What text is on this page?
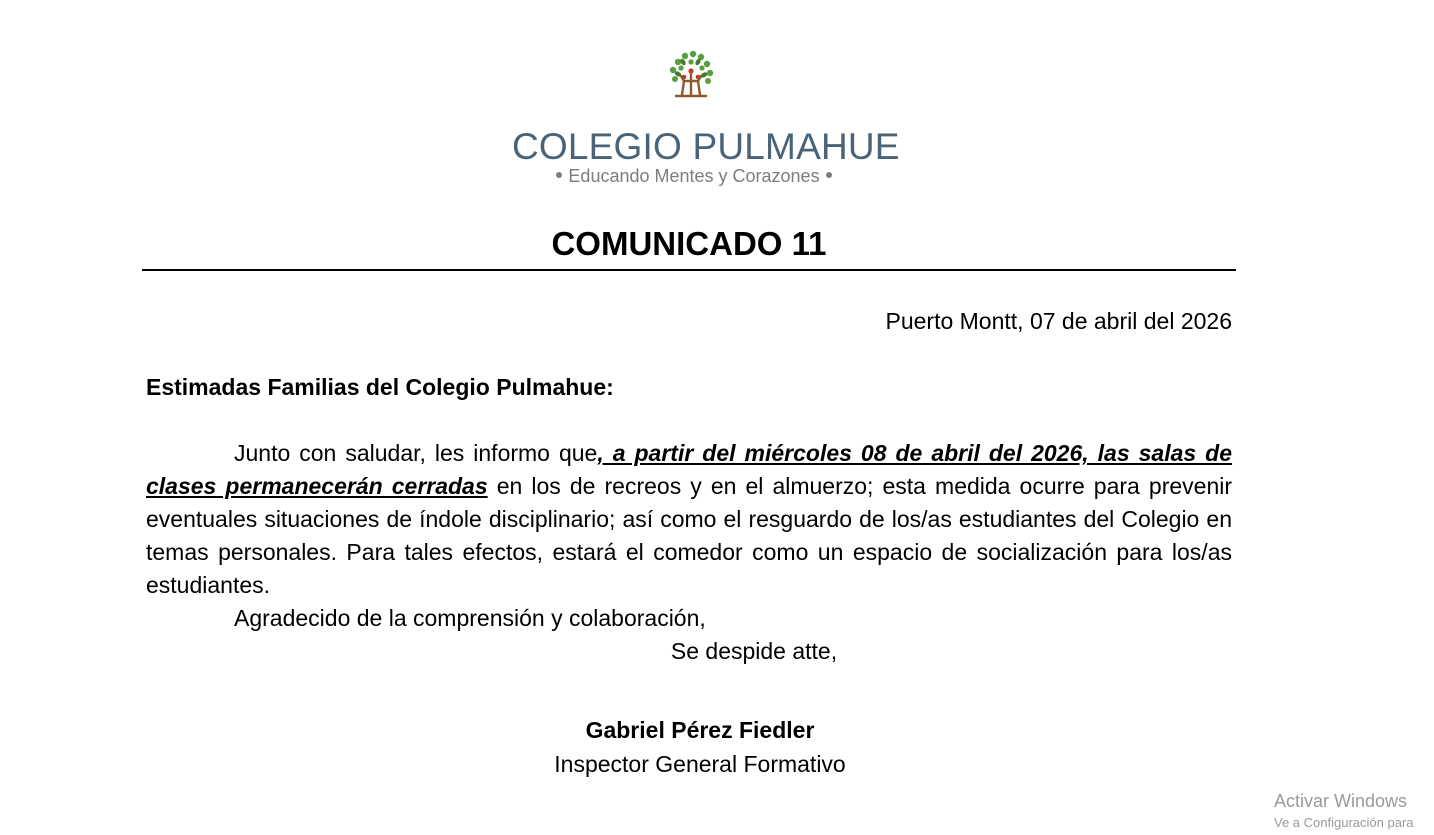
COLEGIO PULMAHUE
Educando Mentes y Corazones
COMUNICADO 11
Puerto Montt, 07 de abril del 2026
Estimadas Familias del Colegio Pulmahue:
Junto con saludar, les informo que, a partir del miércoles 08 de abril del 2026, las salas de clases permanecerán cerradas en los de recreos y en el almuerzo; esta medida ocurre para prevenir eventuales situaciones de índole disciplinario; así como el resguardo de los/as estudiantes del Colegio en temas personales. Para tales efectos, estará el comedor como un espacio de socialización para los/as estudiantes.
Agradecido de la comprensión y colaboración,
Se despide atte,
Gabriel Pérez Fiedler
Inspector General Formativo
Activar Windows
Ve a Configuración para
